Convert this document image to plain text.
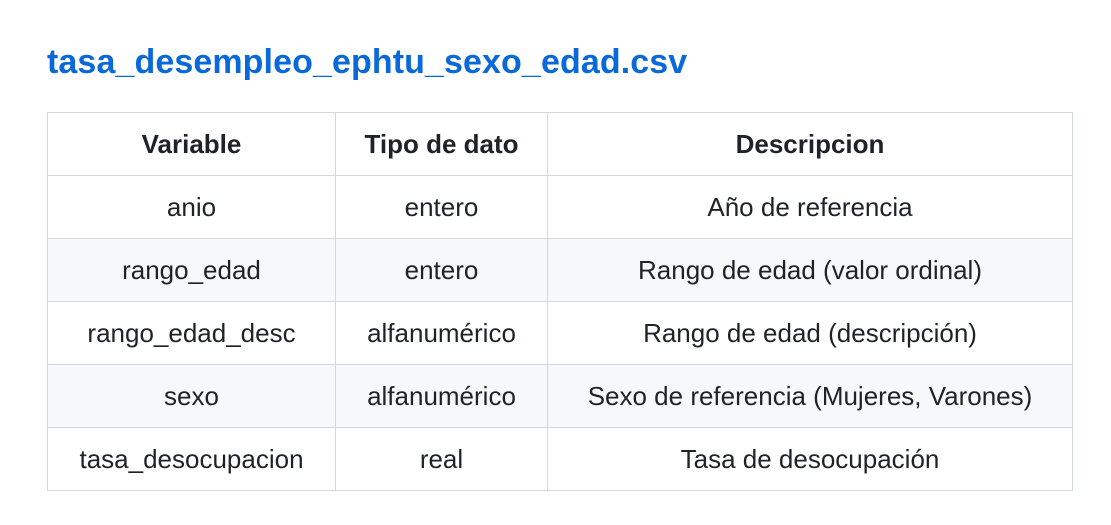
tasa_desempleo_ephtu_sexo_edad.csv
Variable	Tipo de dato	Descripcion
anio	entero	Año de referencia
rango_edad	entero	Rango de edad (valor ordinal)
rango_edad_desc	alfanumérico	Rango de edad (descripción)
sexo	alfanumérico	Sexo de referencia (Mujeres, Varones)
tasa_desocupacion	real	Tasa de desocupación
